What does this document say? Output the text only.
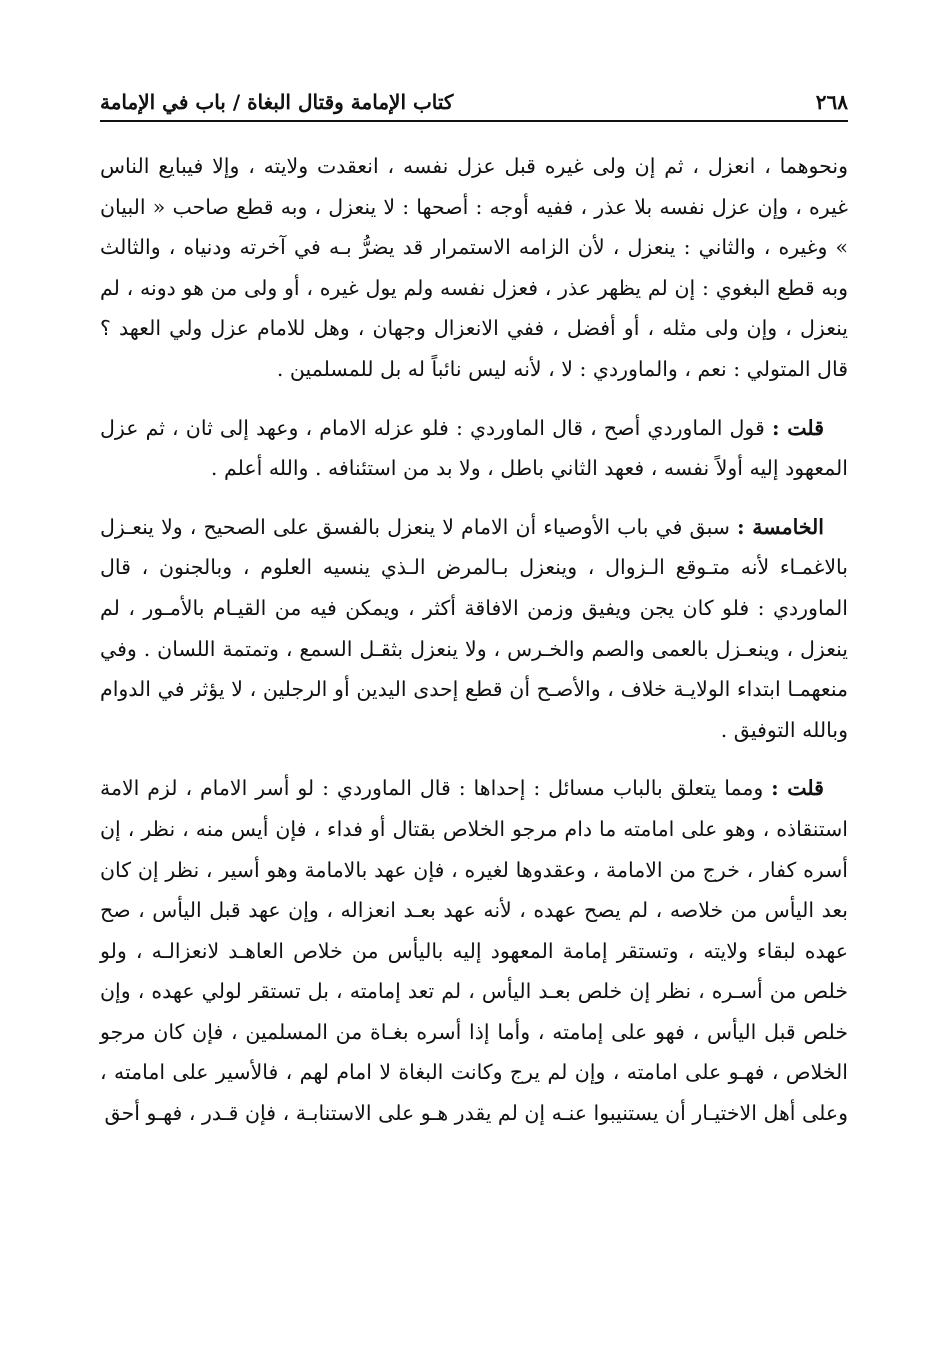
٢٦٨
كتاب الإمامة وقتال البغاة / باب في الإمامة

ونحوهما ، انعزل ، ثم إن ولى غيره قبل عزل نفسه ، انعقدت ولايته ، وإلا فيبايع الناس غيره ، وإن عزل نفسه بلا عذر ، ففيه أوجه : أصحها : لا ينعزل ، وبه قطع صاحب « البيان » وغيره ، والثاني : ينعزل ، لأن الزامه الاستمرار قد يضرُّ بـه في آخرته ودنياه ، والثالث وبه قطع البغوي : إن لم يظهر عذر ، فعزل نفسه ولم يول غيره ، أو ولى من هو دونه ، لم ينعزل ، وإن ولى مثله ، أو أفضل ، ففي الانعزال وجهان ، وهل للامام عزل ولي العهد ؟ قال المتولي : نعم ، والماوردي : لا ، لأنه ليس نائباً له بل للمسلمين .

قلت : قول الماوردي أصح ، قال الماوردي : فلو عزله الامام ، وعهد إلى ثان ، ثم عزل المعهود إليه أولاً نفسه ، فعهد الثاني باطل ، ولا بد من استئنافه . والله أعلم .

الخامسة : سبق في باب الأوصياء أن الامام لا ينعزل بالفسق على الصحيح ، ولا ينعـزل بالاغمـاء لأنه متـوقع الـزوال ، وينعزل بـالمرض الـذي ينسيه العلوم ، وبالجنون ، قال الماوردي : فلو كان يجن ويفيق وزمن الافاقة أكثر ، ويمكن فيه من القيـام بالأمـور ، لم ينعزل ، وينعـزل بالعمى والصم والخـرس ، ولا ينعزل بثقـل السمع ، وتمتمة اللسان . وفي منعهمـا ابتداء الولايـة خلاف ، والأصـح أن قطع إحدى اليدين أو الرجلين ، لا يؤثر في الدوام وبالله التوفيق .

قلت : ومما يتعلق بالباب مسائل : إحداها : قال الماوردي : لو أسر الامام ، لزم الامة استنقاذه ، وهو على امامته ما دام مرجو الخلاص بقتال أو فداء ، فإن أيس منه ، نظر ، إن أسره كفار ، خرج من الامامة ، وعقدوها لغيره ، فإن عهد بالامامة وهو أسير ، نظر إن كان بعد اليأس من خلاصه ، لم يصح عهده ، لأنه عهد بعـد انعزاله ، وإن عهد قبل اليأس ، صح عهده لبقاء ولايته ، وتستقر إمامة المعهود إليه باليأس من خلاص العاهـد لانعزالـه ، ولو خلص من أسـره ، نظر إن خلص بعـد اليأس ، لم تعد إمامته ، بل تستقر لولي عهده ، وإن خلص قبل اليأس ، فهو على إمامته ، وأما إذا أسره بغـاة من المسلمين ، فإن كان مرجو الخلاص ، فهـو على امامته ، وإن لم يرج وكانت البغاة لا امام لهم ، فالأسير على امامته ، وعلى أهل الاختيـار أن يستنيبوا عنـه إن لم يقدر هـو على الاستنابـة ، فإن قـدر ، فهـو أحق
